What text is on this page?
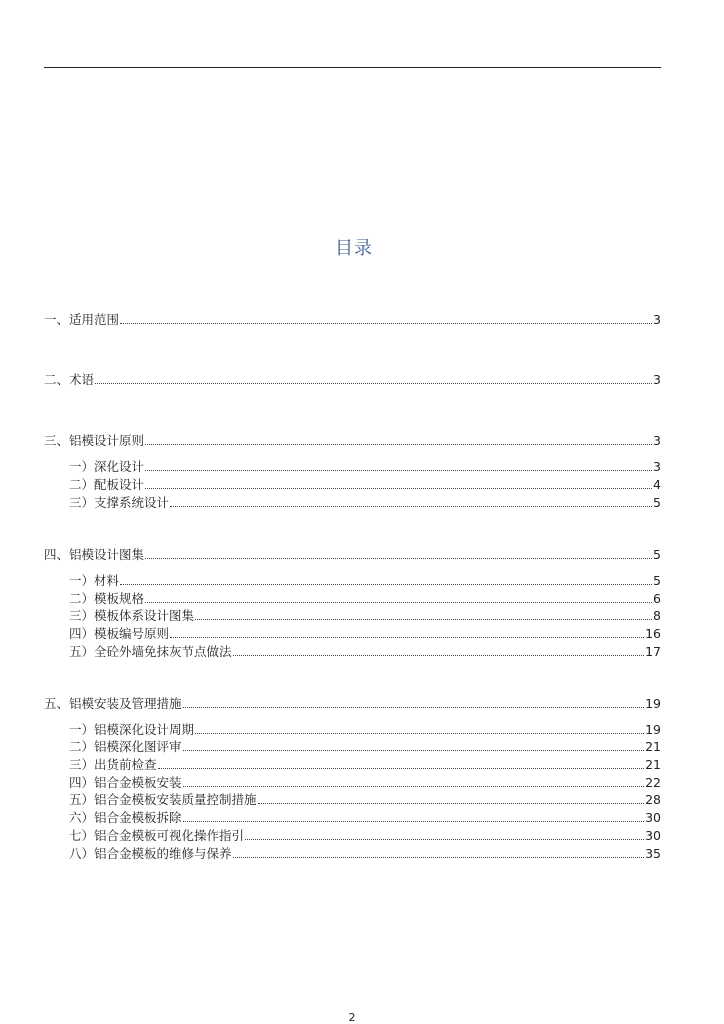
目录
一、适用范围	3
二、术语	3
三、铝模设计原则	3
一）深化设计	3
二）配板设计	4
三）支撑系统设计	5
四、铝模设计图集	5
一）材料	5
二）模板规格	6
三）模板体系设计图集	8
四）模板编号原则	16
五）全砼外墙免抹灰节点做法	17
五、铝模安装及管理措施	19
一）铝模深化设计周期	19
二）铝模深化图评审	21
三）出货前检查	21
四）铝合金模板安装	22
五）铝合金模板安装质量控制措施	28
六）铝合金模板拆除	30
七）铝合金模板可视化操作指引	30
八）铝合金模板的维修与保养	35
2
